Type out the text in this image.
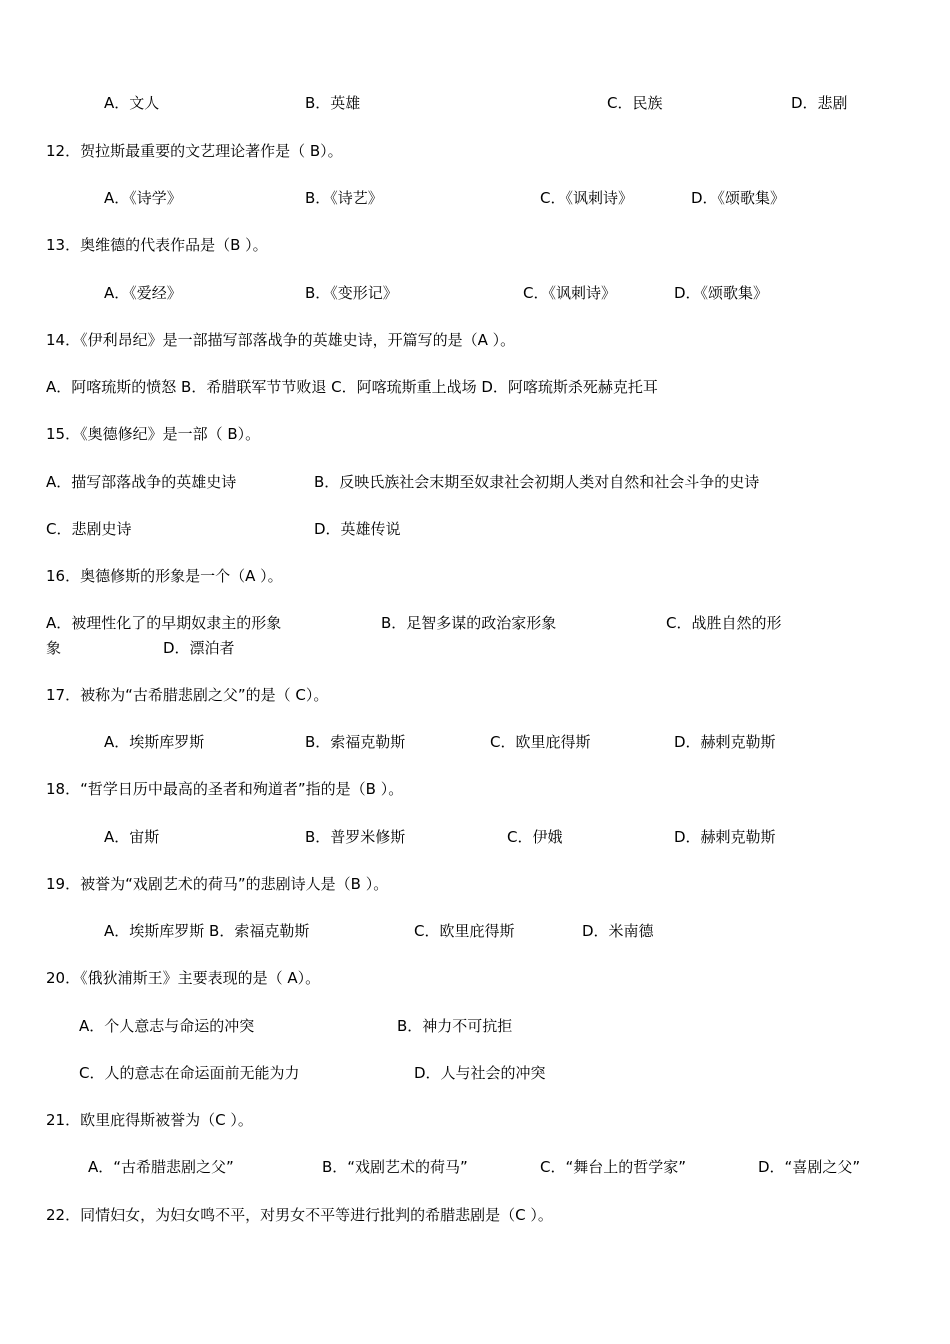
A．文人	B．英雄	C．民族	D．悲剧
12．贺拉斯最重要的文艺理论著作是（ B）。
A．《诗学》	B．《诗艺》	C．《讽刺诗》	D．《颂歌集》
13．奥维德的代表作品是（B ）。
A．《爱经》	B．《变形记》	C．《讽刺诗》	D．《颂歌集》
14．《伊利昂纪》是一部描写部落战争的英雄史诗，开篇写的是（A ）。
A．阿喀琉斯的愤怒 B．希腊联军节节败退 C．阿喀琉斯重上战场 D．阿喀琉斯杀死赫克托耳
15．《奥德修纪》是一部（ B）。
A．描写部落战争的英雄史诗	B．反映氏族社会末期至奴隶社会初期人类对自然和社会斗争的史诗
C．悲剧史诗	D．英雄传说
16．奥德修斯的形象是一个（A ）。
A．被理性化了的早期奴隶主的形象	B．足智多谋的政治家形象	C．战胜自然的形
象	D．漂泊者
17．被称为“古希腊悲剧之父”的是（ C）。
A．埃斯库罗斯	B．索福克勒斯	C．欧里庇得斯	D．赫剌克勒斯
18．“哲学日历中最高的圣者和殉道者”指的是（B ）。
A．宙斯	B．普罗米修斯	C．伊娥	D．赫剌克勒斯
19．被誉为“戏剧艺术的荷马”的悲剧诗人是（B ）。
A．埃斯库罗斯 B．索福克勒斯	C．欧里庇得斯	D．米南德
20．《俄狄浦斯王》主要表现的是（ A）。
A．个人意志与命运的冲突	B．神力不可抗拒
C．人的意志在命运面前无能为力	D．人与社会的冲突
21．欧里庇得斯被誉为（C ）。
A．“古希腊悲剧之父”	B．“戏剧艺术的荷马”	C．“舞台上的哲学家”	D．“喜剧之父”
22．同情妇女，为妇女鸣不平，对男女不平等进行批判的希腊悲剧是（C ）。
